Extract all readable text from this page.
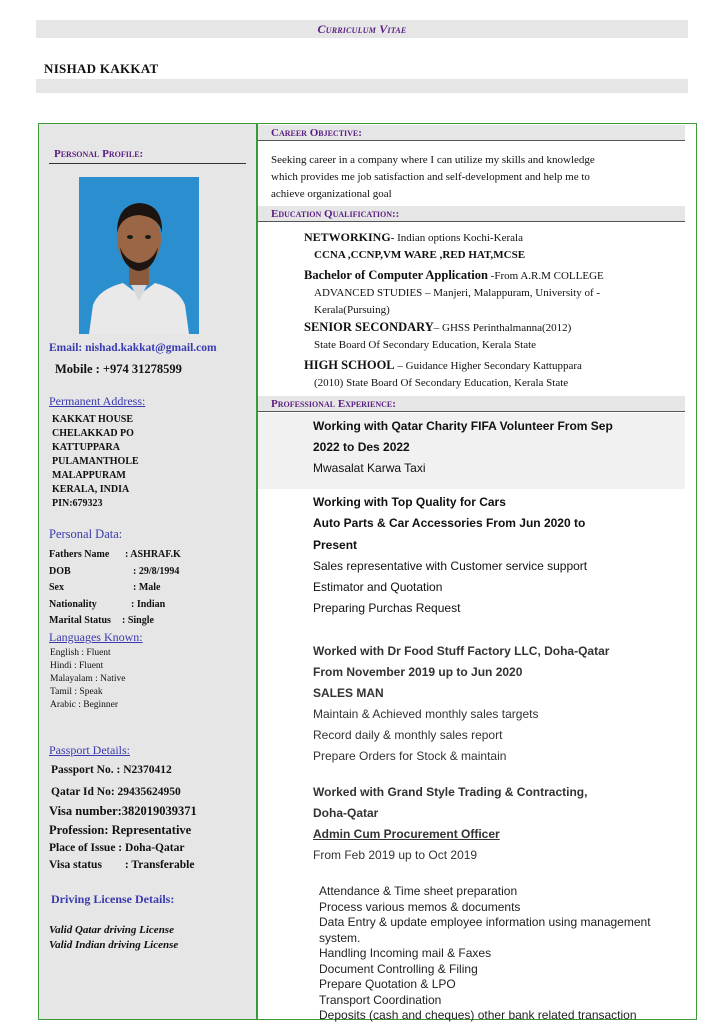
Curriculum Vitae
NISHAD KAKKAT
Personal Profile:
Email: nishad.kakkat@gmail.com
Mobile : +974 31278599
Permanent Address:
KAKKAT HOUSE
CHELAKKAD PO
KATTUPPARA
PULAMANTHOLE
MALAPPURAM
KERALA, INDIA
PIN:679323
Personal Data:
Fathers Name	: ASHRAF.K
DOB	: 29/8/1994
Sex	: Male
Nationality	: Indian
Marital Status	: Single
Languages Known:
English : Fluent
Hindi : Fluent
Malayalam : Native
Tamil : Speak
Arabic : Beginner
Passport Details:
Passport No. : N2370412
Qatar Id No: 29435624950
Visa number:382019039371
Profession: Representative
Place of Issue : Doha-Qatar
Visa status        : Transferable
Driving License Details:
Valid Qatar driving License
Valid Indian driving License
Career Objective:
Seeking career in a company where I can utilize my skills and knowledge
which provides me job satisfaction and self-development and help me to
achieve organizational goal
Education Qualification::
NETWORKING- Indian options Kochi-Kerala
CCNA ,CCNP,VM WARE ,RED HAT,MCSE
Bachelor of Computer Application -From A.R.M COLLEGE
ADVANCED STUDIES – Manjeri, Malappuram, University of -
Kerala(Pursuing)
SENIOR SECONDARY– GHSS Perinthalmanna(2012)
State Board Of Secondary Education, Kerala State
HIGH SCHOOL – Guidance Higher Secondary Kattuppara
(2010) State Board Of Secondary Education, Kerala State
Professional Experience:
Working with Qatar Charity FIFA Volunteer From Sep
2022 to Des 2022
Mwasalat Karwa Taxi
Working with Top Quality for Cars
Auto Parts & Car Accessories From Jun 2020 to
Present
Sales representative with Customer service support
Estimator and Quotation
Preparing Purchas Request
Worked with Dr Food Stuff Factory LLC, Doha-Qatar
From November 2019 up to Jun 2020
SALES MAN
Maintain & Achieved monthly sales targets
Record daily & monthly sales report
Prepare Orders for Stock & maintain
Worked with Grand Style Trading & Contracting,
Doha-Qatar
Admin Cum Procurement Officer
From Feb 2019 up to Oct 2019
Attendance & Time sheet preparation
Process various memos & documents
Data Entry & update employee information using management
system.
Handling Incoming mail & Faxes
Document Controlling & Filing
Prepare Quotation & LPO
Transport Coordination
Deposits (cash and cheques) other bank related transaction
